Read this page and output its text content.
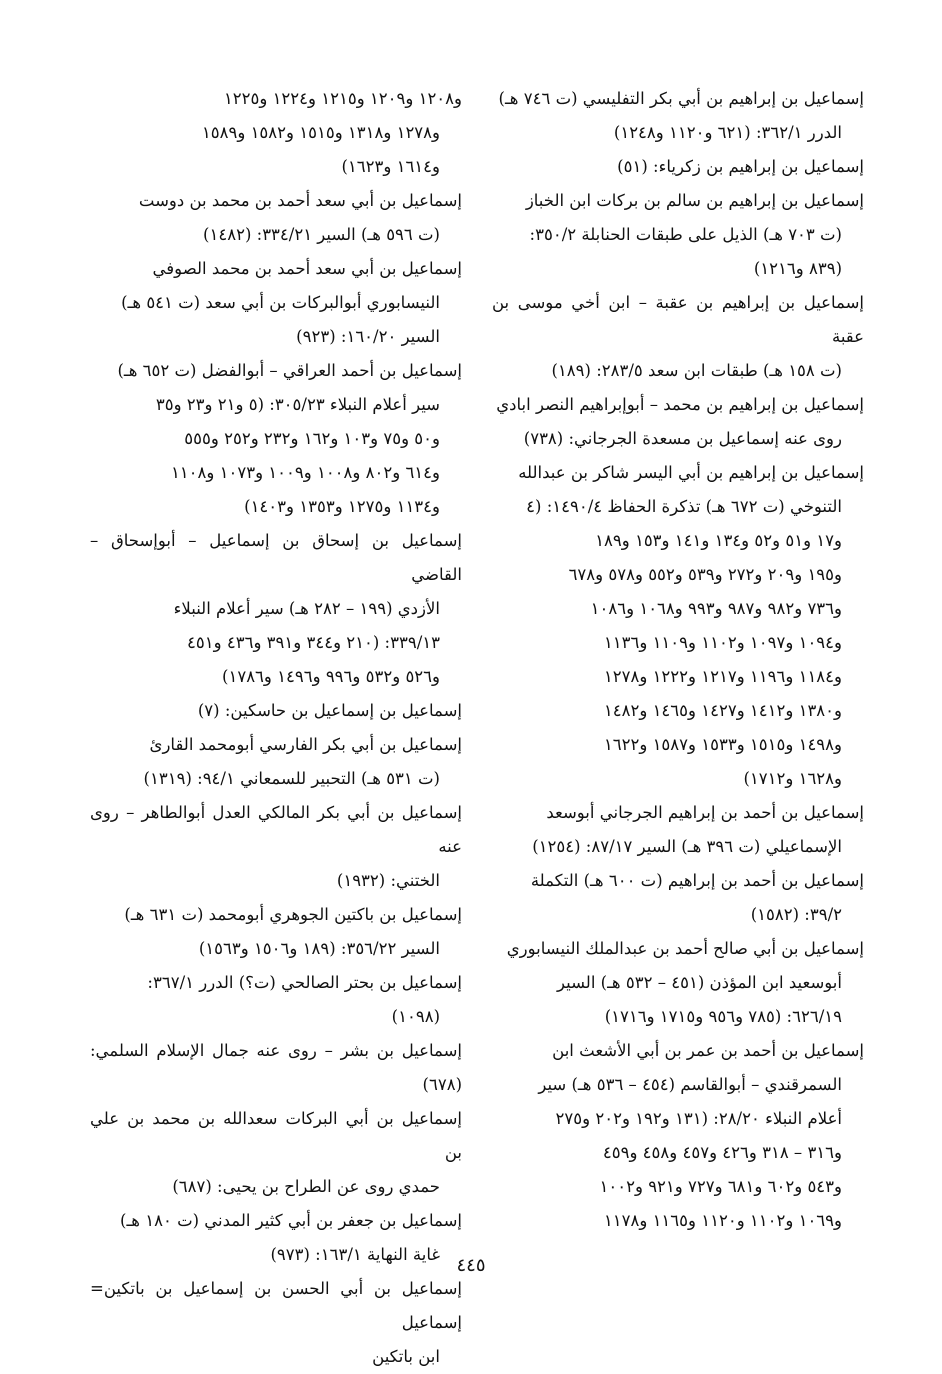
إسماعيل بن إبراهيم بن أبي بكر التفليسي (ت ٧٤٦ هـ)
الدرر ٣٦٢/١: (٦٢١ و١١٢٠ و١٢٤٨)

إسماعيل بن إبراهيم بن زكرياء: (٥١)

إسماعيل بن إبراهيم بن سالم بن بركات ابن الخباز
(ت ٧٠٣ هـ) الذيل على طبقات الحنابلة ٣٥٠/٢:
(٨٣٩ و١٢١٦)

إسماعيل بن إبراهيم بن عقبة – ابن أخي موسى بن عقبة
(ت ١٥٨ هـ) طبقات ابن سعد ٢٨٣/٥: (١٨٩)

إسماعيل بن إبراهيم بن محمد – أبوإبراهيم النصر ابادي
روى عنه إسماعيل بن مسعدة الجرجاني: (٧٣٨)

إسماعيل بن إبراهيم بن أبي اليسر شاكر بن عبدالله
التنوخي (ت ٦٧٢ هـ) تذكرة الحفاظ ١٤٩٠/٤: (٤
و١٧ و٥١ و٥٢ و١٣٤ و١٤١ و١٥٣ و١٨٩
و١٩٥ و٢٠٩ و٢٧٢ و٥٣٩ و٥٥٢ و٥٧٨ و٦٧٨
و٧٣٦ و٩٨٢ و٩٨٧ و٩٩٣ و١٠٦٨ و١٠٨٦
و١٠٩٤ و١٠٩٧ و١١٠٢ و١١٠٩ و١١٣٦
و١١٨٤ و١١٩٦ و١٢١٧ و١٢٢٢ و١٢٧٨
و١٣٨٠ و١٤١٢ و١٤٢٧ و١٤٦٥ و١٤٨٢
و١٤٩٨ و١٥١٥ و١٥٣٣ و١٥٨٧ و١٦٢٢
و١٦٢٨ و١٧١٢)

إسماعيل بن أحمد بن إبراهيم الجرجاني أبوسعد
الإسماعيلي (ت ٣٩٦ هـ) السير ٨٧/١٧: (١٢٥٤)

إسماعيل بن أحمد بن إبراهيم (ت ٦٠٠ هـ) التكملة
٣٩/٢: (١٥٨٢)

إسماعيل بن أبي صالح أحمد بن عبدالملك النيسابوري
أبوسعيد ابن المؤذن (٤٥١ – ٥٣٢ هـ) السير
٦٢٦/١٩: (٧٨٥ و٩٥٦ و١٧١٥ و١٧١٦)

إسماعيل بن أحمد بن عمر بن أبي الأشعث ابن
السمرقندي – أبوالقاسم (٤٥٤ – ٥٣٦ هـ) سير
أعلام النبلاء ٢٨/٢٠: (١٣١ و١٩٢ و٢٠٢ و٢٧٥
و٣١٦ – ٣١٨ و٤٢٦ و٤٥٧ و٤٥٨ و٤٥٩
و٥٤٣ و٦٠٢ و٦٨١ و٧٢٧ و٩٢١ و١٠٠٢
و١٠٦٩ و١١٠٢ و١١٢٠ و١١٦٥ و١١٧٨

و١٢٠٨ و١٢٠٩ و١٢١٥ و١٢٢٤ و١٢٢٥
و١٢٧٨ و١٣١٨ و١٥١٥ و١٥٨٢ و١٥٨٩
و١٦١٤ و١٦٢٣)

إسماعيل بن أبي سعد أحمد بن محمد بن دوست
(ت ٥٩٦ هـ) السير ٣٣٤/٢١: (١٤٨٢)

إسماعيل بن أبي سعد أحمد بن محمد الصوفي
النيسابوري أبوالبركات بن أبي سعد (ت ٥٤١ هـ)
السير ١٦٠/٢٠: (٩٢٣)

إسماعيل بن أحمد العراقي – أبوالفضل (ت ٦٥٢ هـ)
سير أعلام النبلاء ٣٠٥/٢٣: (٥ و٢١ و٢٣ و٣٥
و٥٠ و٧٥ و١٠٣ و١٦٢ و٢٣٢ و٢٥٢ و٥٥٥
و٦١٤ و٨٠٢ و١٠٠٨ و١٠٠٩ و١٠٧٣ و١١٠٨
و١١٣٤ و١٢٧٥ و١٣٥٣ و١٤٠٣)

إسماعيل بن إسحاق بن إسماعيل – أبوإسحاق – القاضي
الأزدي (١٩٩ – ٢٨٢ هـ) سير أعلام النبلاء
٣٣٩/١٣: (٢١٠ و٣٤٤ و٣٩١ و٤٣٦ و٤٥١
و٥٢٦ و٥٣٢ و٩٩٦ و١٤٩٦ و١٧٨٦)

إسماعيل بن إسماعيل بن حاسكين: (٧)

إسماعيل بن أبي بكر الفارسي أبومحمد القارئ
(ت ٥٣١ هـ) التحبير للسمعاني ٩٤/١: (١٣١٩)

إسماعيل بن أبي بكر المالكي العدل أبوالطاهر – روى عنه
الختني: (١٩٣٢)

إسماعيل بن باكتين الجوهري أبومحمد (ت ٦٣١ هـ)
السير ٣٥٦/٢٢: (١٨٩ و١٥٠٦ و١٥٦٣)

إسماعيل بن بحتر الصالحي (ت؟) الدرر ٣٦٧/١:
(١٠٩٨)

إسماعيل بن بشر – روى عنه جمال الإسلام السلمي: (٦٧٨)

إسماعيل بن أبي البركات سعدالله بن محمد بن علي بن
حمدي روى عن الطراح بن يحيى: (٦٨٧)

إسماعيل بن جعفر بن أبي كثير المدني (ت ١٨٠ هـ)
غاية النهاية ١٦٣/١: (٩٧٣)

إسماعيل بن أبي الحسن بن إسماعيل بن باتكين= إسماعيل
ابن باتكين

٤٤٥
